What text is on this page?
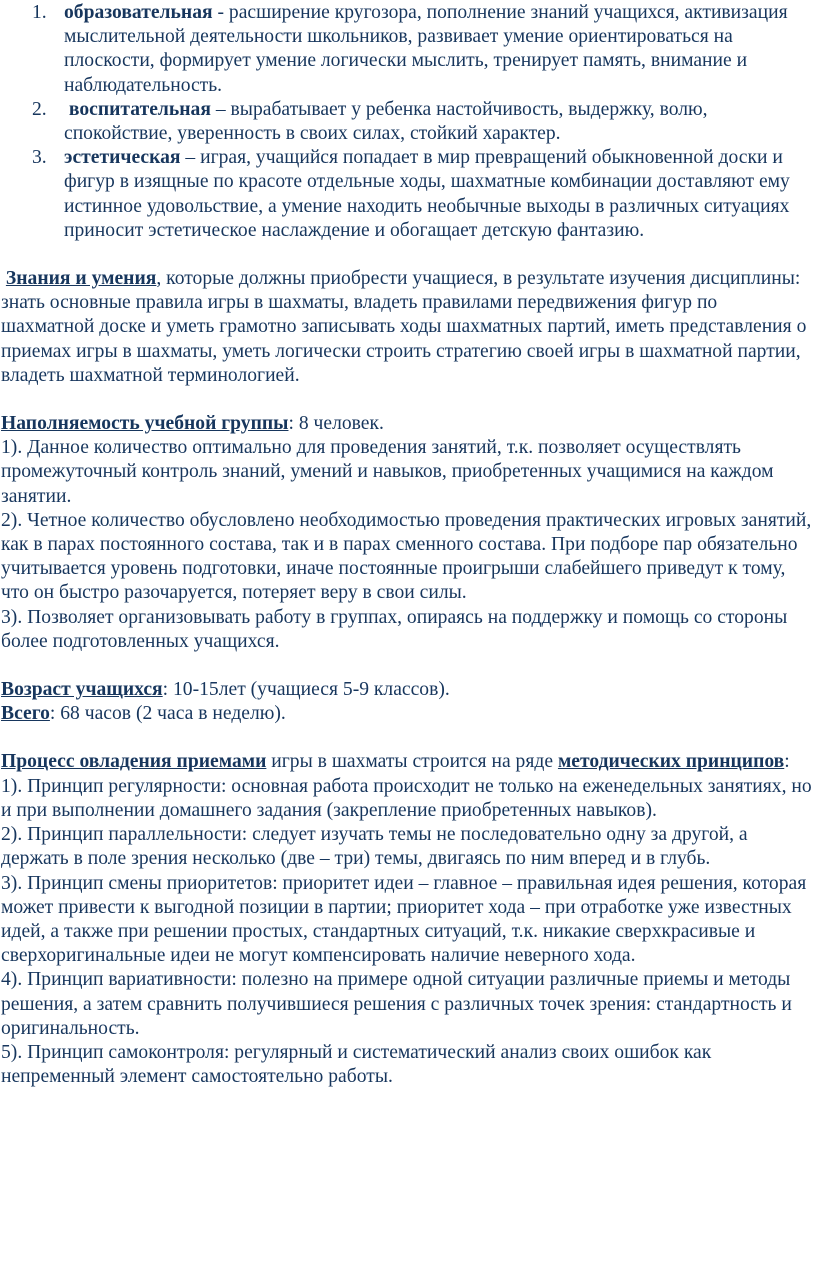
1. образовательная - расширение кругозора, пополнение знаний учащихся, активизация мыслительной деятельности школьников, развивает умение ориентироваться на плоскости, формирует умение логически мыслить, тренирует память, внимание и наблюдательность.
2. воспитательная – вырабатывает у ребенка настойчивость, выдержку, волю, спокойствие, уверенность в своих силах, стойкий характер.
3. эстетическая – играя, учащийся попадает в мир превращений обыкновенной доски и фигур в изящные по красоте отдельные ходы, шахматные комбинации доставляют ему истинное удовольствие, а умение находить необычные выходы в различных ситуациях приносит эстетическое наслаждение и обогащает детскую фантазию.

Знания и умения, которые должны приобрести учащиеся, в результате изучения дисциплины: знать основные правила игры в шахматы, владеть правилами передвижения фигур по шахматной доске и уметь грамотно записывать ходы шахматных партий, иметь представления о приемах игры в шахматы, уметь логически строить стратегию своей игры в шахматной партии, владеть шахматной терминологией.

Наполняемость учебной группы: 8 человек.

1). Данное количество оптимально для проведения занятий, т.к. позволяет осуществлять промежуточный контроль знаний, умений и навыков, приобретенных учащимися на каждом занятии.

2). Четное количество обусловлено необходимостью проведения практических игровых занятий, как в парах постоянного состава, так и в парах сменного состава. При подборе пар обязательно учитывается уровень подготовки, иначе постоянные проигрыши слабейшего приведут к тому, что он быстро разочаруется, потеряет веру в свои силы.

3). Позволяет организовывать работу в группах, опираясь на поддержку и помощь со стороны более подготовленных учащихся.

Возраст учащихся: 10-15лет (учащиеся 5-9 классов).

Всего: 68 часов (2 часа в неделю).

Процесс овладения приемами игры в шахматы строится на ряде методических принципов:

1). Принцип регулярности: основная работа происходит не только на еженедельных занятиях, но и при выполнении домашнего задания (закрепление приобретенных навыков).

2). Принцип параллельности: следует изучать темы не последовательно одну за другой, а держать в поле зрения несколько (две – три) темы, двигаясь по ним вперед и в глубь.

3). Принцип смены приоритетов: приоритет идеи – главное – правильная идея решения, которая может привести к выгодной позиции в партии; приоритет хода – при отработке уже известных идей, а также при решении простых, стандартных ситуаций, т.к. никакие сверхкрасивые и сверхоригинальные идеи не могут компенсировать наличие неверного хода.

4). Принцип вариативности: полезно на примере одной ситуации различные приемы и методы решения, а затем сравнить получившиеся решения с различных точек зрения: стандартность и оригинальность.

5). Принцип самоконтроля: регулярный и систематический анализ своих ошибок как непременный элемент самостоятельно работы.
